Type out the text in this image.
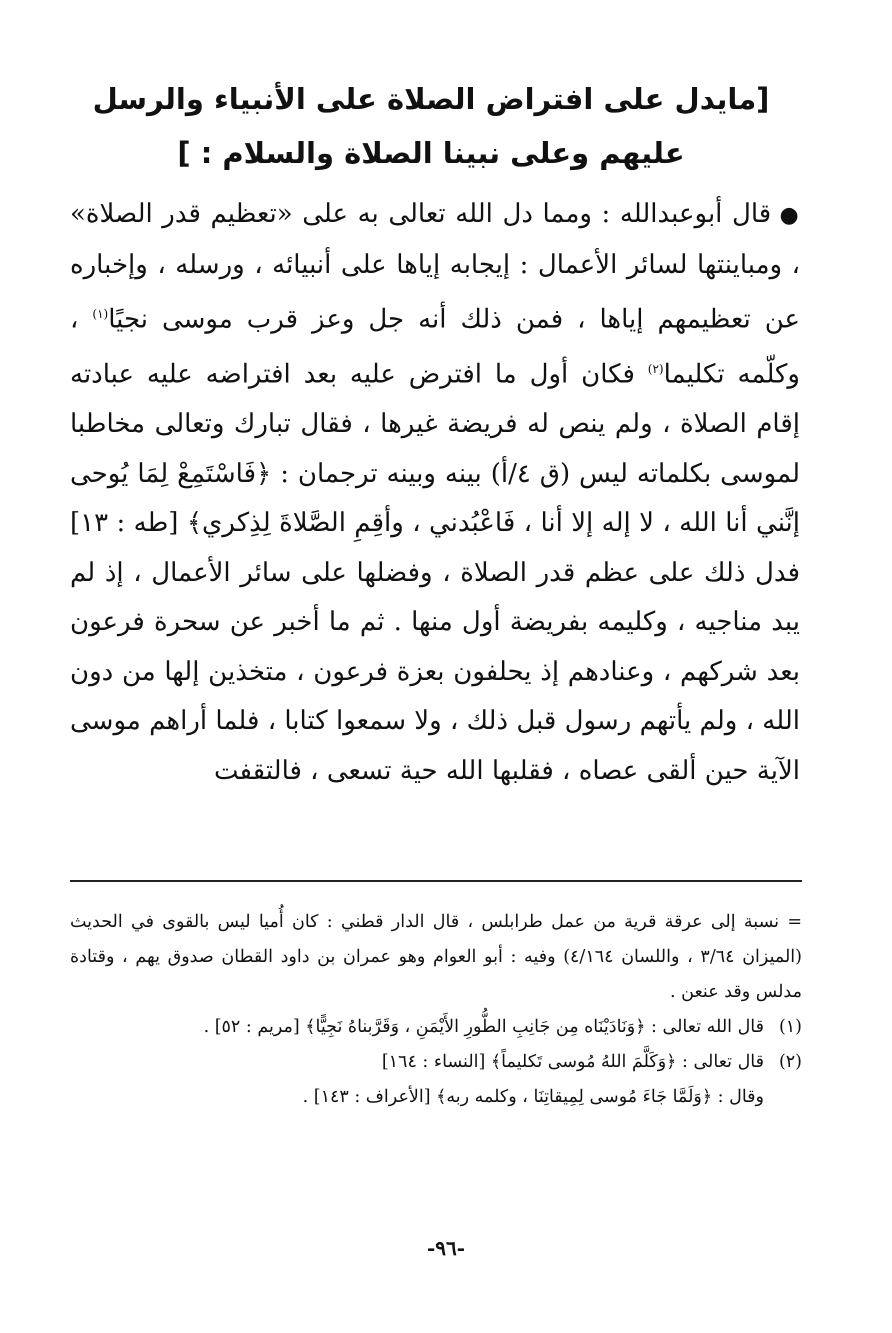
[مايدل على افتراض الصلاة على الأنبياء والرسل عليهم وعلى نبينا الصلاة والسلام : ]
● قال أبوعبدالله : ومما دل الله تعالى به على «تعظيم قدر الصلاة» ، ومباينتها لسائر الأعمال : إيجابه إياها على أنبيائه ، ورسله ، وإخباره عن تعظيمهم إياها ، فمن ذلك أنه جل وعز قرب موسى نجيًا$^{(١)}$ ، وكلّمه تكليما$^{(٢)}$ فكان أول ما افترض عليه بعد افتراضه عليه عبادته إقام الصلاة ، ولم ينص له فريضة غيرها ، فقال تبارك وتعالى مخاطبا لموسى بكلماته ليس (ق ٤/أ) بينه وبينه ترجمان : ﴿فَاسْتَمِعْ لِمَا يُوحى إنَّني أنا الله ، لا إله إلا أنا ، فَاعْبُدني ، وأقِمِ الصَّلاةَ لِذِكري﴾ [طه : ١٣] فدل ذلك على عظم قدر الصلاة ، وفضلها على سائر الأعمال ، إذ لم يبد مناجيه ، وكليمه بفريضة أول منها . ثم ما أخبر عن سحرة فرعون بعد شركهم ، وعنادهم إذ يحلفون بعزة فرعون ، متخذين إلها من دون الله ، ولم يأتهم رسول قبل ذلك ، ولا سمعوا كتابا ، فلما أراهم موسى الآية حين ألقى عصاه ، فقلبها الله حية تسعى ، فالتقفت
= نسبة إلى عرقة قرية من عمل طرابلس ، قال الدار قطني : كان أُميا ليس بالقوى في الحديث (الميزان ٣/٦٤ ، واللسان ٤/١٦٤) وفيه : أبو العوام وهو عمران بن داود القطان صدوق يهم ، وقتادة مدلس وقد عنعن .
(١)
قال الله تعالى : ﴿وَنَادَيْنَاه مِن جَانِبِ الطُّورِ الأَيْمَنِ ، وَقَرَّبناهُ نَجِيًّا﴾ [مريم : ٥٢] .
(٢)
قال تعالى : ﴿وَكَلَّمَ اللهُ مُوسى تَكليماً﴾ [النساء : ١٦٤]
وقال : ﴿وَلَمَّا جَاءَ مُوسى لِمِيقاتِنَا ، وكلمه ربه﴾ [الأعراف : ١٤٣] .
-٩٦-
